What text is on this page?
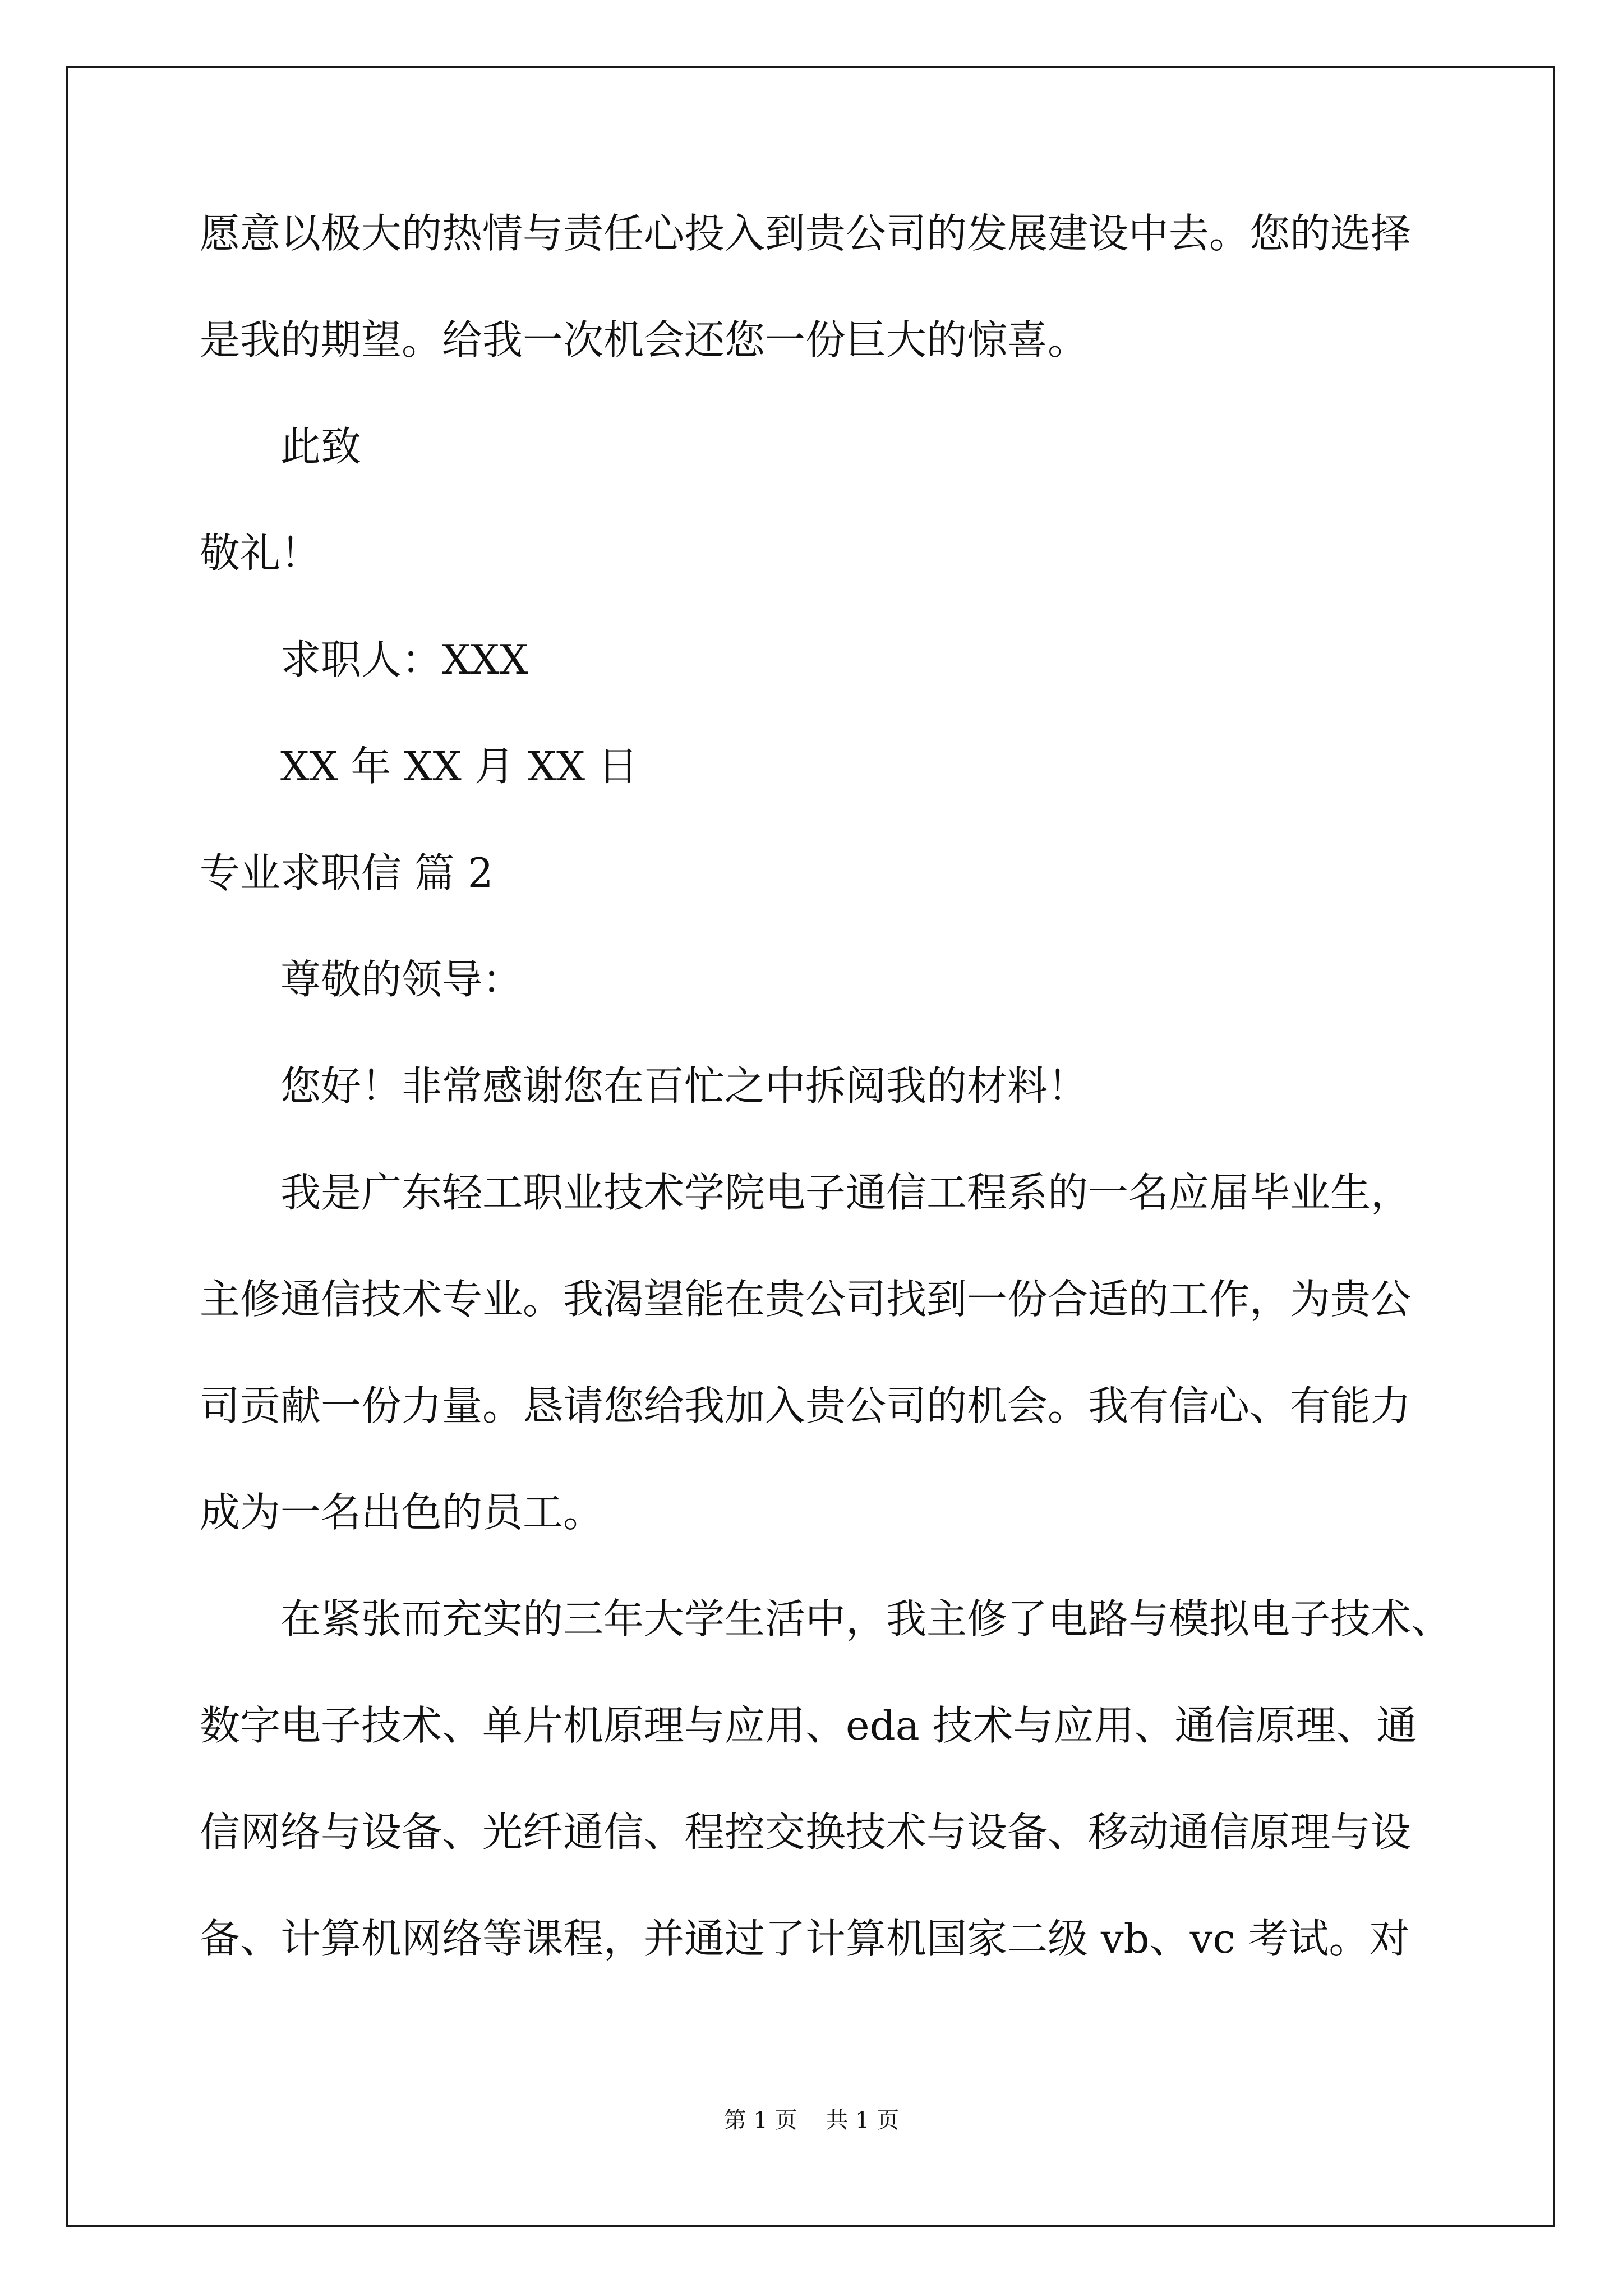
愿意以极大的热情与责任心投入到贵公司的发展建设中去。您的选择
是我的期望。给我一次机会还您一份巨大的惊喜。
此致
敬礼！
求职人：XXX
XX 年 XX 月 XX 日
专业求职信 篇 2
尊敬的领导：
您好！非常感谢您在百忙之中拆阅我的材料！
我是广东轻工职业技术学院电子通信工程系的一名应届毕业生，
主修通信技术专业。我渴望能在贵公司找到一份合适的工作，为贵公
司贡献一份力量。恳请您给我加入贵公司的机会。我有信心、有能力
成为一名出色的员工。
在紧张而充实的三年大学生活中，我主修了电路与模拟电子技术、
数字电子技术、单片机原理与应用、eda 技术与应用、通信原理、通
信网络与设备、光纤通信、程控交换技术与设备、移动通信原理与设
备、计算机网络等课程，并通过了计算机国家二级 vb、vc 考试。对
第 1 页    共 1 页
